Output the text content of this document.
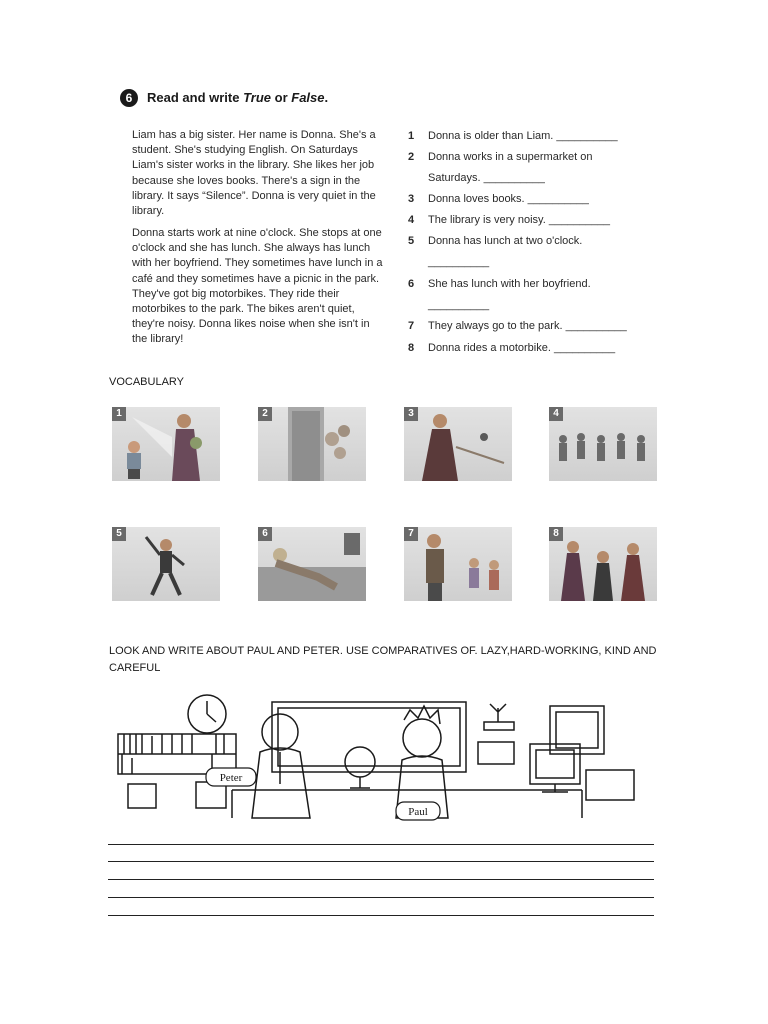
6	Read and write True or False.

Liam has a big sister. Her name is Donna. She's a student. She's studying English. On Saturdays Liam's sister works in the library. She likes her job because she loves books. There's a sign in the library. It says “Silence”. Donna is very quiet in the library.

Donna starts work at nine o'clock. She stops at one o'clock and she has lunch. She always has lunch with her boyfriend. They sometimes have lunch in a café and they sometimes have a picnic in the park. They've got big motorbikes. They ride their motorbikes to the park. The bikes aren't quiet, they're noisy. Donna likes noise when she isn't in the library!

1 Donna is older than Liam. __________
2 Donna works in a supermarket on
Saturdays. __________
3 Donna loves books. __________
4 The library is very noisy. __________
5 Donna has lunch at two o'clock.
__________
6 She has lunch with her boyfriend.
__________
7 They always go to the park. __________
8 Donna rides a motorbike. __________
VOCABULARY
1	2	3	4
5	6	7	8
LOOK AND WRITE ABOUT PAUL AND PETER. USE COMPARATIVES OF. LAZY,HARD-WORKING, KIND AND CAREFUL
Peter
Paul
